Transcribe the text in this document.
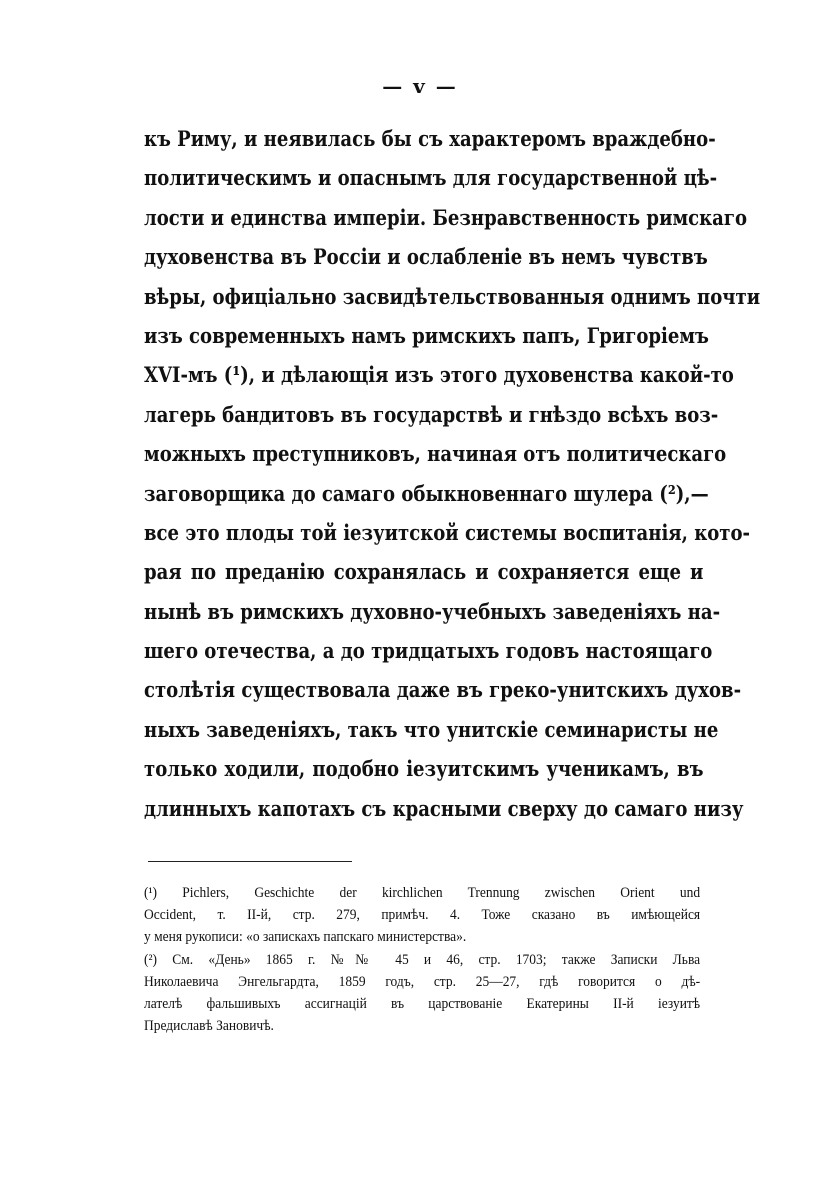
— v —
къ Риму, и неявилась бы съ характеромъ враждебно-
политическимъ и опаснымъ для государственной цѣ-
лости и единства имперіи. Безнравственность римскаго
духовенства въ Россіи и ослабленіе въ немъ чувствъ
вѣры, офиціально засвидѣтельствованныя однимъ почти
изъ современныхъ намъ римскихъ папъ, Григоріемъ
XVI-мъ (¹), и дѣлающія изъ этого духовенства какой-то
лагерь бандитовъ въ государствѣ и гнѣздо всѣхъ воз-
можныхъ преступниковъ, начиная отъ политическаго
заговорщика до самаго обыкновеннаго шулера (²),—
все это плоды той іезуитской системы воспитанія, кото-
рая по преданію сохранялась и сохраняется еще и
нынѣ въ римскихъ духовно-учебныхъ заведеніяхъ на-
шего отечества, а до тридцатыхъ годовъ настоящаго
столѣтія существовала даже въ греко-унитскихъ духов-
ныхъ заведеніяхъ, такъ что унитскіе семинаристы не
только ходили, подобно іезуитскимъ ученикамъ, въ
длинныхъ капотахъ съ красными сверху до самаго низу
(¹) Pichlers, Geschichte der kirchlichen Trennung zwischen Orient und
Occident, т. II-й, стр. 279, примѣч. 4. Тоже сказано въ имѣющейся
у меня рукописи: «о запискахъ папскаго министерства».
(²) См. «День» 1865 г. №№ 45 и 46, стр. 1703; также Записки Льва
Николаевича Энгельгардта, 1859 годъ, стр. 25—27, гдѣ говорится о дѣ-
лателѣ фальшивыхъ ассигнацій въ царствованіе Екатерины II-й іезуитѣ
Предиславѣ Зановичѣ.
